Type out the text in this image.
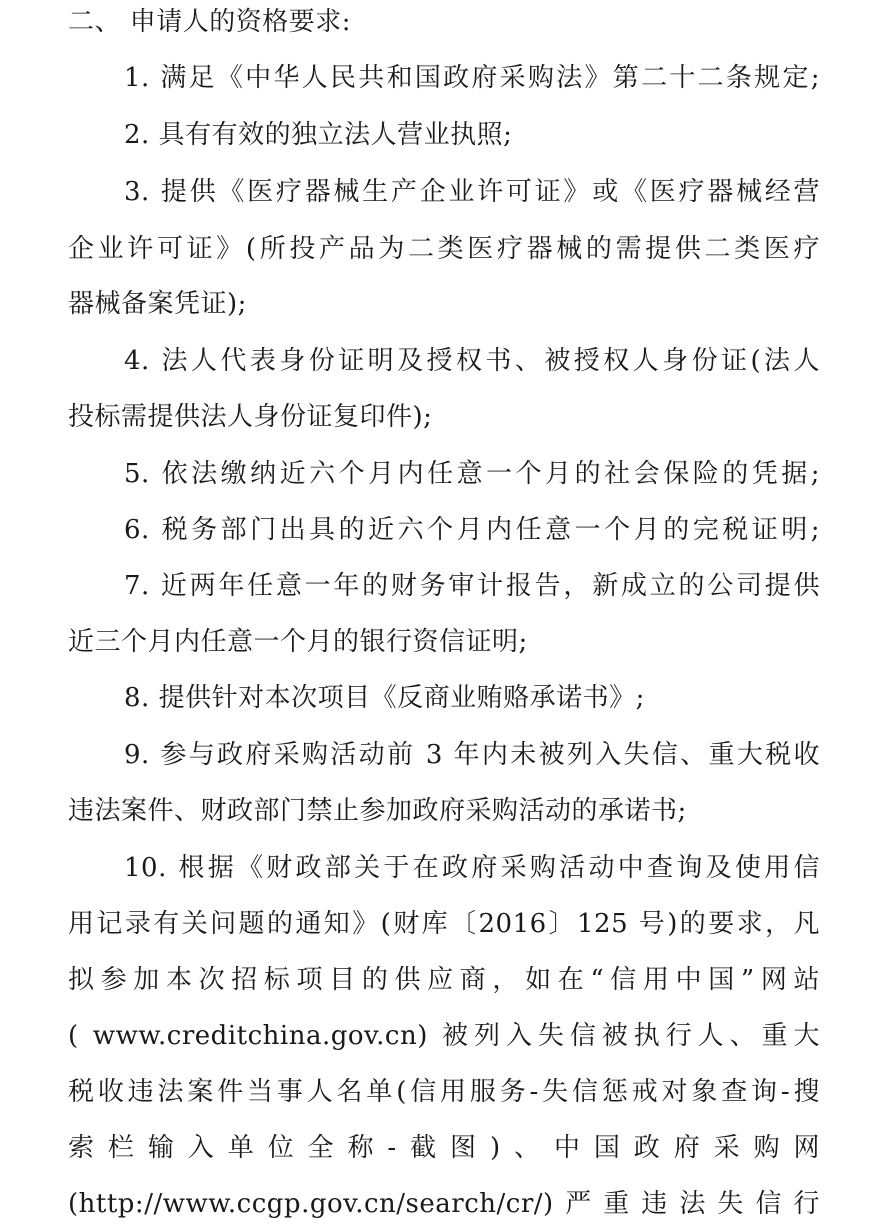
二、 申请人的资格要求:
1. 满足《中华人民共和国政府采购法》第二十二条规定;
2. 具有有效的独立法人营业执照;
3. 提供《医疗器械生产企业许可证》或《医疗器械经营
企业许可证》(所投产品为二类医疗器械的需提供二类医疗
器械备案凭证);
4. 法人代表身份证明及授权书、被授权人身份证(法人
投标需提供法人身份证复印件);
5. 依法缴纳近六个月内任意一个月的社会保险的凭据;
6. 税务部门出具的近六个月内任意一个月的完税证明;
7. 近两年任意一年的财务审计报告，新成立的公司提供
近三个月内任意一个月的银行资信证明;
8. 提供针对本次项目《反商业贿赂承诺书》;
9. 参与政府采购活动前 3 年内未被列入失信、重大税收
违法案件、财政部门禁止参加政府采购活动的承诺书;
10. 根据《财政部关于在政府采购活动中查询及使用信
用记录有关问题的通知》(财库〔2016〕125 号)的要求，凡
拟参加本次招标项目的供应商，如在“信用中国”网站
( www.creditchina.gov.cn) 被列入失信被执行人、重大
税收违法案件当事人名单(信用服务-失信惩戒对象查询-搜
索栏输入单位全称-截图)、中国政府采购网
(http://www.ccgp.gov.cn/search/cr/)严重违法失信行
